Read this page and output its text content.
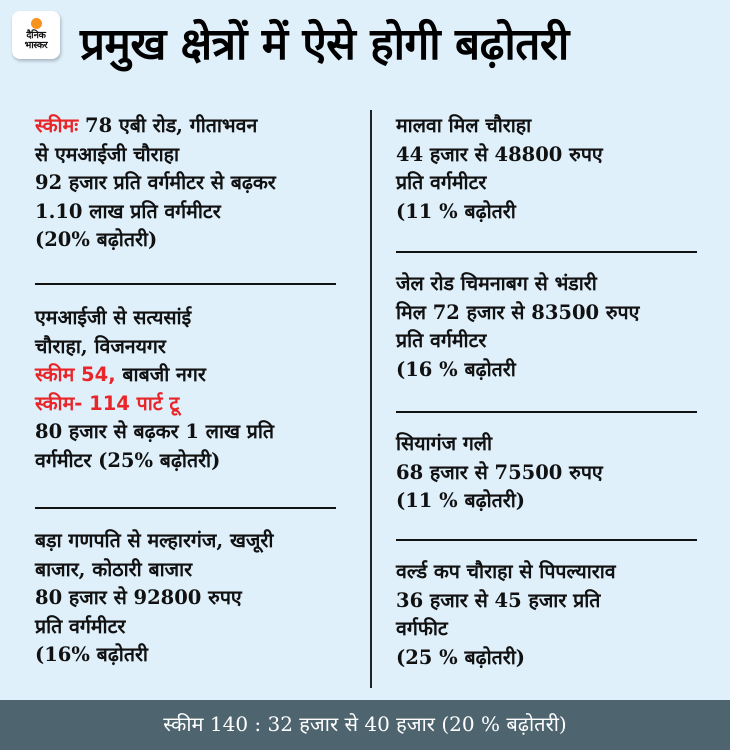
दैनिक
भास्कर प्रमुख क्षेत्रों में ऐसे होगी बढ़ोतरी
स्कीमः 78 एबी रोड, गीताभवन
से एमआईजी चौराहा
92 हजार प्रति वर्गमीटर से बढ़कर
1.10 लाख प्रति वर्गमीटर
(20% बढ़ोतरी)
एमआईजी से सत्यसांई
चौराहा, विजनयगर
स्कीम 54, बाबजी नगर
स्कीम- 114 पार्ट टू
80 हजार से बढ़कर 1 लाख प्रति
वर्गमीटर (25% बढ़ोतरी)
बड़ा गणपति से मल्हारगंज, खजूरी
बाजार, कोठारी बाजार
80 हजार से 92800 रुपए
प्रति वर्गमीटर
(16% बढ़ोतरी
मालवा मिल चौराहा
44 हजार से 48800 रुपए
प्रति वर्गमीटर
(11 % बढ़ोतरी
जेल रोड चिमनाबग से भंडारी
मिल 72 हजार से 83500 रुपए
प्रति वर्गमीटर
(16 % बढ़ोतरी
सियागंज गली
68 हजार से 75500 रुपए
(11 % बढ़ोतरी)
वर्ल्ड कप चौराहा से पिपल्याराव
36 हजार से 45 हजार प्रति
वर्गफीट
(25 % बढ़ोतरी)
स्कीम 140 : 32 हजार से 40 हजार (20 % बढ़ोतरी)
